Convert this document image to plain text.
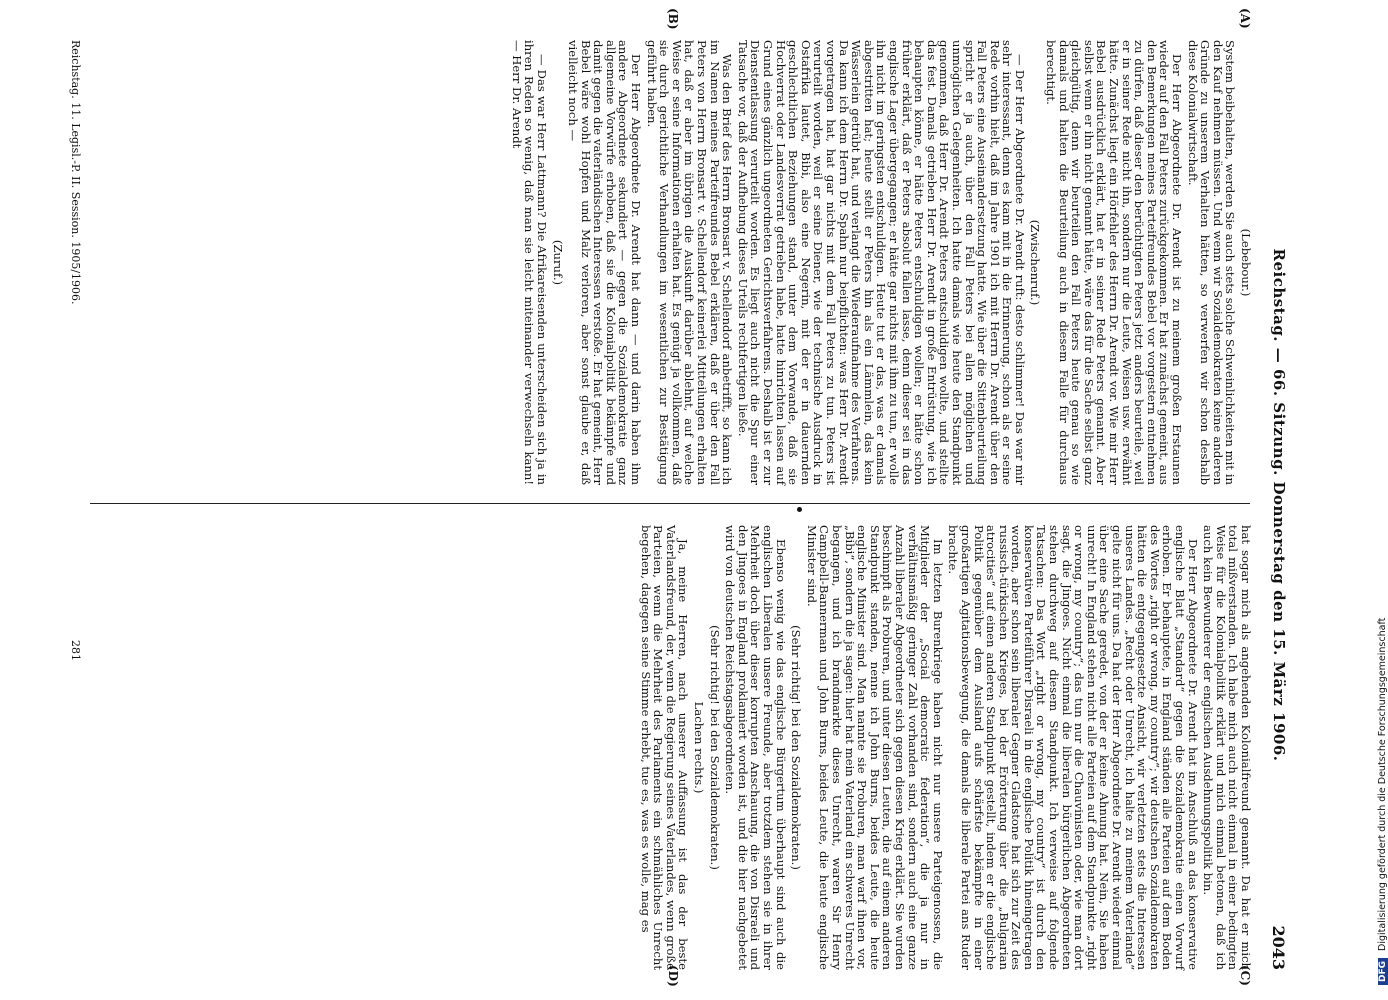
Reichstag. — 66. Sitzung. Donnerstag den 15. März 1906.
2043
(A)
(B)
(C)
(D)

(Lebebour.)

System beibehalten, werden Sie auch stets solche Schweinlichkeiten mit in den Kauf nehmen müssen. Und wenn wir Sozialdemokraten keine anderen Gründe zu unserem Verhalten hätten, so verwerfen wir schon deshalb diese Kolonialwirtschaft.

Der Herr Abgeordnete Dr. Arendt ist zu meinem großen Erstaunen wieder auf den Fall Peters zurückgekommen. Er hat zunächst gemeint, aus den Bemerkungen meines Parteifreundes Bebel vor vorgestern entnehmen zu dürfen, daß dieser den berüchtigten Peters jetzt anders beurteile, weil er in seiner Rede nicht ihn, sondern nur die Leute, Weisen usw. erwähnt hätte. Zunächst liegt ein Hörfehler des Herrn Dr. Arendt vor. Wie mir Herr Bebel ausdrücklich erklärt, hat er in seiner Rede Peters genannt. Aber selbst wenn er ihn nicht genannt hätte, wäre das für die Sache selbst ganz gleichgültig, denn wir beurteilen den Fall Peters heute genau so wie damals und halten die Beurteilung auch in diesem Falle für durchaus berechtigt.

(Zwischenruf.)

— Der Herr Abgeordnete Dr. Arendt ruft: desto schlimmer! Das war mir sehr interessant, denn es kam mit in die Erinnerung, schon als er seine Rede vorhin hielt, daß im Jahre 1901 ich mit Herrn Dr. Arendt über den Fall Peters eine Auseinandersetzung hatte. Wie über die Sittenbeurteilung spricht er ja auch, über den Fall Peters bei allen möglichen und unmöglichen Gelegenheiten. Ich hatte damals wie heute den Standpunkt genommen, daß Herr Dr. Arendt Peters entschuldigen wollte, und stellte das fest. Damals getrieben Herr Dr. Arendt in große Entrüstung, wie ich behaupten könne, er hätte Peters entschuldigen wollen; er hätte schon früher erklärt, daß er Peters absolut fallen lasse, denn dieser sei in das englische Lager übergegangen; er hätte gar nichts mit ihm zu tun, er wolle ihn nicht im geringsten entschuldigen. Heute tut er das, was er damals abgestritten hat; heute stellt er Peters hin als ein Lämmlein, das kein Wässerlein getrübt hat, und verlangt die Wiederaufnahme des Verfahrens. Da kann ich dem Herrn Dr. Spahn nur beipflichten: was Herr Dr. Arendt vorgetragen hat, hat gar nichts mit dem Fall Peters zu tun. Peters ist verurteilt worden, weil er seine Diener, wie der technische Ausdruck in Ostafrika lautet, Bibi, also eine Negerin, mit der er in dauernden geschlechtlichen Beziehungen stand, unter dem Vorwande, daß sie Hochverrat oder Landesverrat getrieben habe, hatte hinrichten lassen auf Grund eines gänzlich ungeordneten Gerichtsverfahrens. Deshalb ist er zur Dienstentlassung verurteilt worden. Es liegt auch nicht die Spur einer Tatsache vor, daß der Aufhebung dieses Urteils rechtfertigen ließe.

Was den Brief des Herrn Bronsart v. Schellendorf anbetrifft, so kann ich im Namen meines Parteifreundes Bebel erklären, daß er über den Fall Peters von Herrn Bronsart v. Schellendorf keinerlei Mitteilungen erhalten hat, daß er aber im übrigen die Auskunft darüber ablehnt, auf welche Weise er seine Informationen erhalten hat. Es genügt ja vollkommen, daß sie durch gerichtliche Verhandlungen im wesentlichen zur Bestätigung geführt haben.

Der Herr Abgeordnete Dr. Arendt hat dann — und darin haben ihm andere Abgeordnete sekundiert — gegen die Sozialdemokratie ganz allgemeine Vorwürfe erhoben, daß sie die Kolonialpolitik bekämpfe und damit gegen die vaterländischen Interessen verstoße. Er hat gemeint, Herr Bebel wäre wohl Hopfen und Malz verloren, aber sonst glaube er, daß vielleicht noch —

(Zuruf.)

— Das war Herr Lattmann? Die Afrikareisenden unterscheiden sich ja in ihren Reden so wenig, daß man sie leicht miteinander verwechseln kann! — Herr Dr. Arendt

hat sogar mich als angehenden Kolonialfreund genannt. Da hat er mich total mißverstanden. Ich habe mich auch nicht einmal in einer bedingten Weise für die Kolonialpolitik erklärt und mich einmal betonen, daß ich auch kein Bewunderer der englischen Ausdehnungspolitik bin.

Der Herr Abgeordnete Dr. Arendt hat im Anschluß an das konservative englische Blatt „Standard“ gegen die Sozialdemokratie einen Vorwurf erhoben. Er behauptete, in England ständen alle Parteien auf dem Boden des Wortes „right or wrong, my country“; wir deutschen Sozialdemokraten hätten die entgegengesetzte Ansicht, wir verletzten stets die Interessen unseres Landes. „Recht oder Unrecht, ich halte zu meinem Vaterlande“ gelte nicht für uns. Da hat der Herr Abgeordnete Dr. Arendt wieder einmal über eine Sache geredet, von der er keine Ahnung hat. Nein, Sie haben unrecht! In England stehen nicht alle Parteien auf dem Standpunkte „right or wrong, my country“; das tun nur die Chauvinisten oder, wie man dort sagt, die Jingoes. Nicht einmal die liberalen bürgerlichen Abgeordneten stehen durchweg auf diesem Standpunkt. Ich verweise auf folgende Tatsachen: Das Wort „right or wrong, my country“ ist durch den konservativen Parteiführer Disraeli in die englische Politik hineingetragen worden, aber schon sein liberaler Gegner Gladstone hat sich zur Zeit des russisch-türkischen Krieges, bei der Erörterung über die „Bulgarian atrocities“ auf einen anderen Standpunkt gestellt, indem er die englische Politik gegenüber dem Ausland aufs schärfste bekämpfte in einer großartigen Agitationsbewegung, die damals die liberale Partei ans Ruder brachte.

Im letzten Burenkriege haben nicht nur unsere Parteigenossen, die Mitglieder der „Social democratic federation“, die ja nur in verhältnismäßig geringer Zahl vorhanden sind, sondern auch eine ganze Anzahl liberaler Abgeordneter sich gegen diesen Krieg erklärt. Sie wurden beschimpft als Proburen, und unter diesen Leuten, die auf einem anderen Standpunkt standen, nenne ich John Burns, beides Leute, die heute englische Minister sind. Man nannte sie Proburen, man warf ihnen vor, „Bibi“, sondern die ja sagen: hier hat mein Vaterland ein schweres Unrecht begangen, und ich brandmarkte dieses Unrecht, waren Sir Henry Campbell-Bannerman und John Burns, beides Leute, die heute englische Minister sind.

(Sehr richtig! bei den Sozialdemokraten.)

Ebenso wenig wie das englische Bürgertum überhaupt sind auch die englischen Liberalen unsere Freunde, aber trotzdem stehen sie in ihrer Mehrheit doch über dieser korrupten Anschauung, die von Disraeli und den Jingoes in England proklamiert worden ist, und die hier nachgebetet wird von deutschen Reichstagsabgeordneten.

(Sehr richtig! bei den Sozialdemokraten.)

Lachen rechts.)

Ja, meine Herren, nach unserer Auffassung ist das der beste Vaterlandsfreund, der, wenn die Regierung seines Vaterlandes, wenn große Parteien, wenn die Mehrheit des Parlaments ein schmähliches Unrecht begehen, dagegen seine Stimme erhebt, tue es, was es wolle, mag es

Reichstag. 11. Legisl.-P. II. Session. 1905/1906.
281
DFG Digitalisierung gefördert durch die Deutsche Forschungsgemeinschaft
